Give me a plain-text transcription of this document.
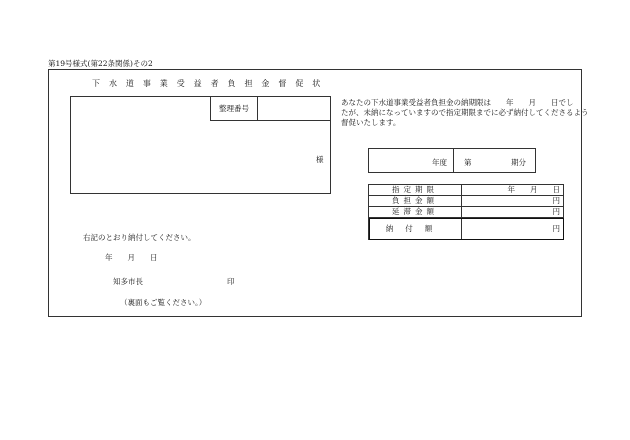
第19号様式(第22条関係)その2
下 水 道 事 業 受 益 者 負 担 金 督 促 状
整理番号
様
あなたの下水道事業受益者負担金の納期限は　　年　　月　　日でし
たが、未納になっていますので指定期限までに必ず納付してくださるよう
督促いたします。
年度 第	期分
指定期限	年　　月　　日
負担金額	円
延滞金額	円
納付額	円
右記のとおり納付してください。
年　　月　　日
知多市長	印
（裏面もご覧ください。）
